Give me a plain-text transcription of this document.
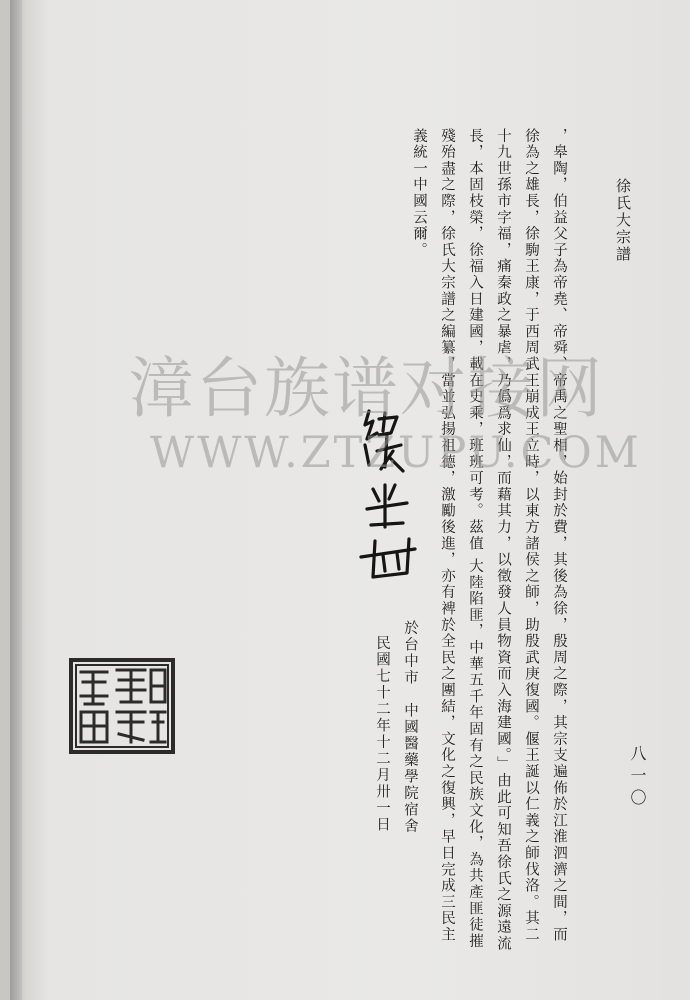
徐氏大宗譜
，皋陶，伯益父子為帝堯、帝舜、帝禹之聖相，始封於費，其後為徐，殷周之際，其宗支遍佈於江淮泗濟之間，而
徐為之雄長，徐駒王康，于西周武王崩成王立時，以東方諸侯之師，助殷武庚復國。偃王誕以仁義之師伐洛。其二
十九世孫市字福，痛秦政之暴虐，乃僞爲求仙，而藉其力，以徵發人員物資而入海建國。」由此可知吾徐氏之源遠流
長，本固枝榮，徐福入日建國，載在史乘，班班可考。茲值 大陸陷匪，中華五千年固有之民族文化，為共產匪徒摧
殘殆盡之際，徐氏大宗譜之編纂，當並弘揚祖德，激勵後進，亦有裨於全民之團結，文化之復興，早日完成三民主
義統一中國云爾。
於台中市　中國醫藥學院宿舍
民國七十二年十二月卅一日	八一〇
漳台族谱对接网
WWW.ZTZUPU.COM
